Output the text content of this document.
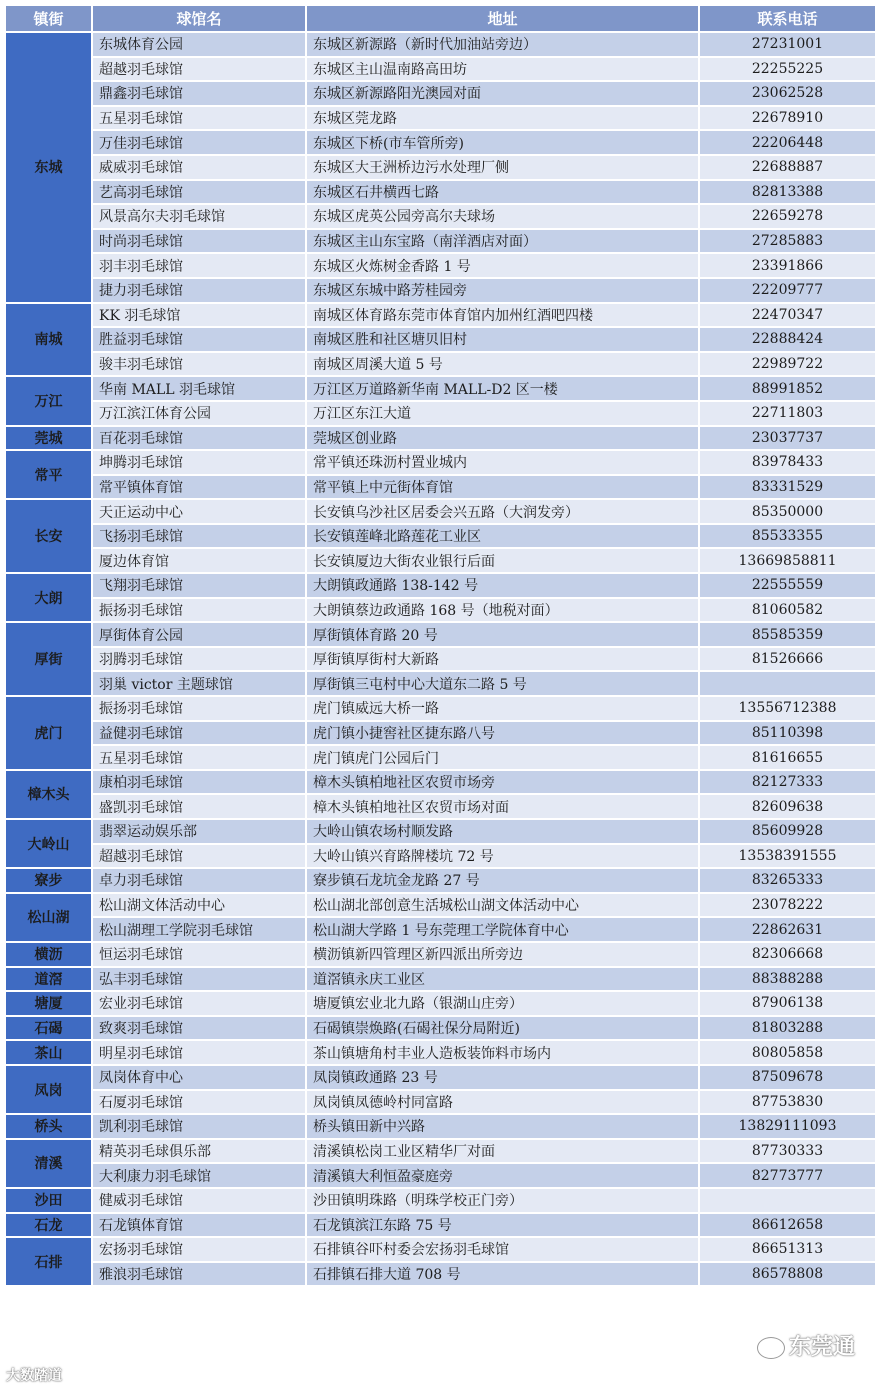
镇街	球馆名	地址	联系电话
东城	东城体育公园	东城区新源路（新时代加油站旁边）	27231001
	超越羽毛球馆	东城区主山温南路高田坊	22255225
	鼎鑫羽毛球馆	东城区新源路阳光澳园对面	23062528
	五星羽毛球馆	东城区莞龙路	22678910
	万佳羽毛球馆	东城区下桥(市车管所旁)	22206448
	威威羽毛球馆	东城区大王洲桥边污水处理厂侧	22688887
	艺高羽毛球馆	东城区石井横西七路	82813388
	风景高尔夫羽毛球馆	东城区虎英公园旁高尔夫球场	22659278
	时尚羽毛球馆	东城区主山东宝路（南洋酒店对面）	27285883
	羽丰羽毛球馆	东城区火炼树金香路 1 号	23391866
	捷力羽毛球馆	东城区东城中路芳桂园旁	22209777
南城	KK 羽毛球馆	南城区体育路东莞市体育馆内加州红酒吧四楼	22470347
	胜益羽毛球馆	南城区胜和社区塘贝旧村	22888424
	骏丰羽毛球馆	南城区周溪大道 5 号	22989722
万江	华南 MALL 羽毛球馆	万江区万道路新华南 MALL-D2 区一楼	88991852
	万江滨江体育公园	万江区东江大道	22711803
莞城	百花羽毛球馆	莞城区创业路	23037737
常平	坤腾羽毛球馆	常平镇还珠沥村置业城内	83978433
	常平镇体育馆	常平镇上中元街体育馆	83331529
长安	天正运动中心	长安镇乌沙社区居委会兴五路（大润发旁）	85350000
	飞扬羽毛球馆	长安镇莲峰北路莲花工业区	85533355
	厦边体育馆	长安镇厦边大街农业银行后面	13669858811
大朗	飞翔羽毛球馆	大朗镇政通路 138-142 号	22555559
	振扬羽毛球馆	大朗镇蔡边政通路 168 号（地税对面）	81060582
厚街	厚街体育公园	厚街镇体育路 20 号	85585359
	羽腾羽毛球馆	厚街镇厚街村大新路	81526666
	羽巢 victor 主题球馆	厚街镇三屯村中心大道东二路 5 号	
虎门	振扬羽毛球馆	虎门镇威远大桥一路	13556712388
	益健羽毛球馆	虎门镇小捷窖社区捷东路八号	85110398
	五星羽毛球馆	虎门镇虎门公园后门	81616655
樟木头	康柏羽毛球馆	樟木头镇柏地社区农贸市场旁	82127333
	盛凯羽毛球馆	樟木头镇柏地社区农贸市场对面	82609638
大岭山	翡翠运动娱乐部	大岭山镇农场村顺发路	85609928
	超越羽毛球馆	大岭山镇兴育路牌楼坑 72 号	13538391555
寮步	卓力羽毛球馆	寮步镇石龙坑金龙路 27 号	83265333
松山湖	松山湖文体活动中心	松山湖北部创意生活城松山湖文体活动中心	23078222
	松山湖理工学院羽毛球馆	松山湖大学路 1 号东莞理工学院体育中心	22862631
横沥	恒运羽毛球馆	横沥镇新四管理区新四派出所旁边	82306668
道滘	弘丰羽毛球馆	道滘镇永庆工业区	88388288
塘厦	宏业羽毛球馆	塘厦镇宏业北九路（银湖山庄旁）	87906138
石碣	致爽羽毛球馆	石碣镇崇焕路(石碣社保分局附近)	81803288
茶山	明星羽毛球馆	茶山镇塘角村丰业人造板装饰料市场内	80805858
凤岗	凤岗体育中心	凤岗镇政通路 23 号	87509678
	石厦羽毛球馆	凤岗镇凤德岭村同富路	87753830
桥头	凯利羽毛球馆	桥头镇田新中兴路	13829111093
清溪	精英羽毛球俱乐部	清溪镇松岗工业区精华厂对面	87730333
	大利康力羽毛球馆	清溪镇大利恒盈豪庭旁	82773777
沙田	健威羽毛球馆	沙田镇明珠路（明珠学校正门旁）	
石龙	石龙镇体育馆	石龙镇滨江东路 75 号	86612658
石排	宏扬羽毛球馆	石排镇谷吓村委会宏扬羽毛球馆	86651313
	雅浪羽毛球馆	石排镇石排大道 708 号	86578808
大数踏道
东莞通
